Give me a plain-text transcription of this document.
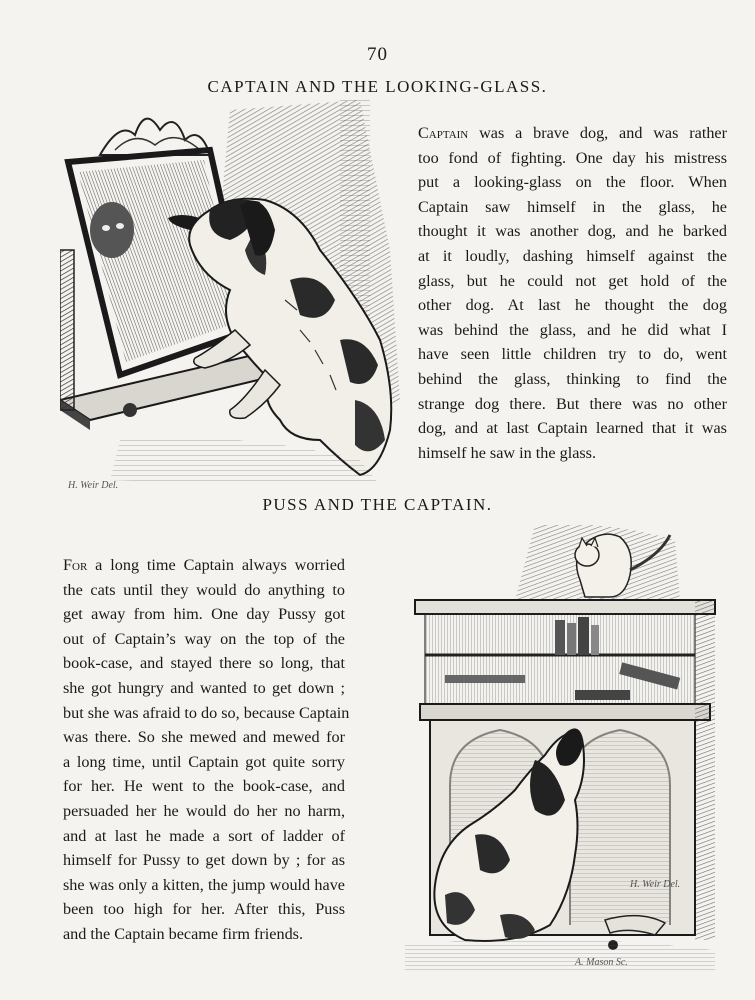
70
CAPTAIN AND THE LOOKING-GLASS.
H. Weir Del.
Captain was a brave dog, and was rather
too fond of fighting. One day his mistress
put a looking-glass on the floor. When
Captain saw himself in the glass, he
thought it was another dog, and he barked
at it loudly, dashing himself against the
glass, but he could not get hold of the
other dog. At last he thought the dog
was behind the glass, and he did what I
have seen little children try to do, went
behind the glass, thinking to find the
strange dog there. But there was no other
dog, and at last Captain learned that it was
himself he saw in the glass.
PUSS AND THE CAPTAIN.
For a long time Captain always worried
the cats until they would do anything to
get away from him. One day Pussy got
out of Captain’s way on the top of the
book-case, and stayed there so long, that
she got hungry and wanted to get down ;
but she was afraid to do so, because Captain
was there. So she mewed and mewed for
a long time, until Captain got quite sorry
for her. He went to the book-case, and
persuaded her he would do her no harm,
and at last he made a sort of ladder of
himself for Pussy to get down by ; for as
she was only a kitten, the jump would have
been too high for her. After this, Puss
and the Captain became firm friends.
H. Weir Del.
A. Mason Sc.
